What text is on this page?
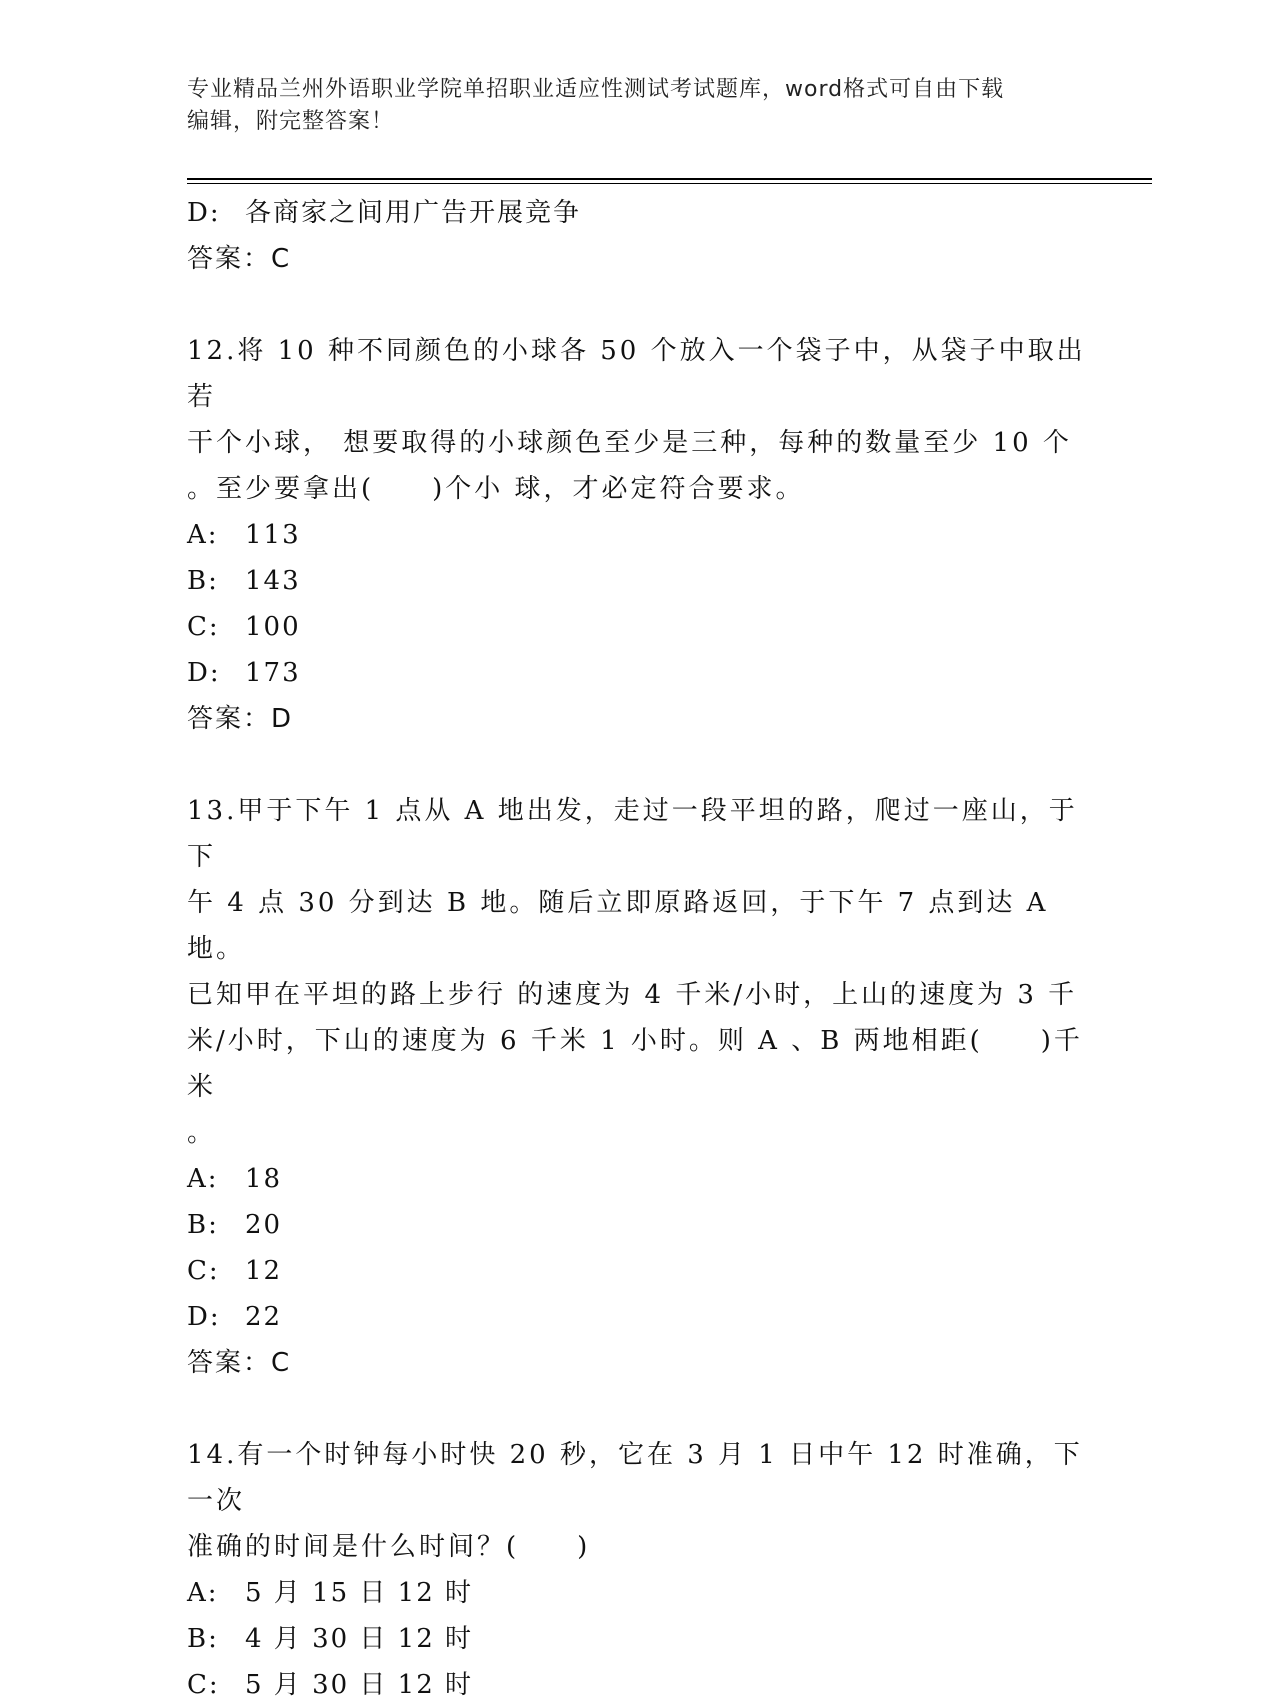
专业精品兰州外语职业学院单招职业适应性测试考试题库，word格式可自由下载
编辑，附完整答案！
D: 各商家之间用广告开展竞争
答案：C

12.将 10 种不同颜色的小球各 50 个放入一个袋子中，从袋子中取出若

干个小球， 想要取得的小球颜色至少是三种，每种的数量至少 10 个

。至少要拿出(　　)个小 球，才必定符合要求。

A:	113
B:	143
C: 100
D: 173
答案：D

13.甲于下午 1 点从 A 地出发，走过一段平坦的路，爬过一座山，于下

午 4 点 30 分到达 B 地。随后立即原路返回，于下午 7 点到达 A 地。

已知甲在平坦的路上步行 的速度为 4 千米/小时，上山的速度为 3 千

米/小时，下山的速度为 6 千米 1 小时。则 A 、B 两地相距(　　)千米

。

A:	18
B:	20
C: 12
D: 22
答案：C

14.有一个时钟每小时快 20 秒，它在 3 月 1 日中午 12 时准确，下一次

准确的时间是什么时间？(　　)

A:	5 月 15 日 12 时
B:	4 月 30 日 12 时
C: 5 月 30 日 12 时
